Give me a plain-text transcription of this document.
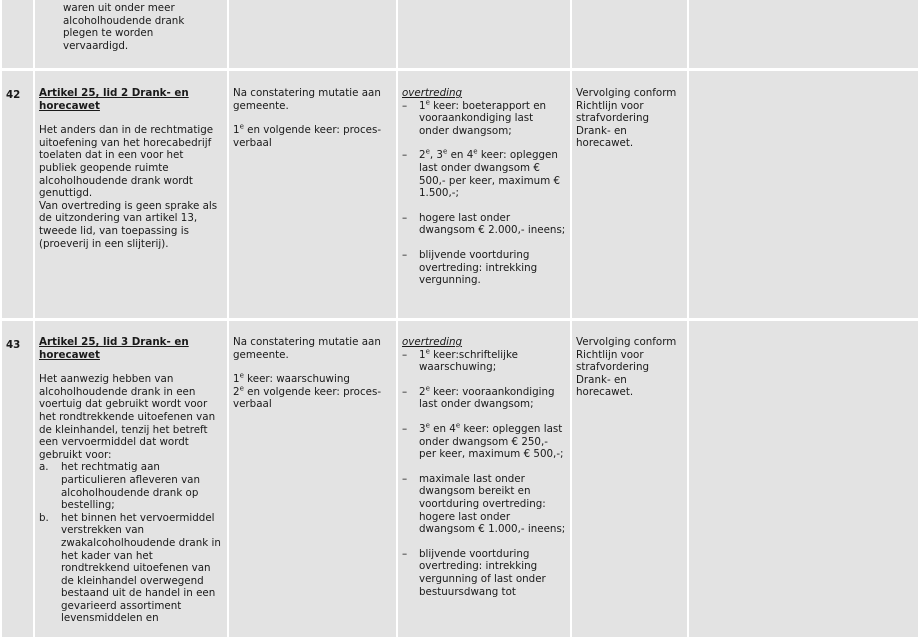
waren uit onder meer
alcoholhoudende drank
plegen te worden
vervaardigd.
42	Artikel 25, lid 2 Drank- en horecawet
Het anders dan in de rechtmatige uitoefening van het horecabedrijf toelaten dat in een voor het publiek geopende ruimte alcoholhoudende drank wordt genuttigd.
Van overtreding is geen sprake als de uitzondering van artikel 13, tweede lid, van toepassing is (proeverij in een slijterij).
Na constatering mutatie aan gemeente.
1e en volgende keer: proces-verbaal
overtreding
– 1e keer: boeterapport en vooraankondiging last onder dwangsom;
– 2e, 3e en 4e keer: opleggen last onder dwangsom € 500,- per keer, maximum € 1.500,-;
– hogere last onder dwangsom € 2.000,- ineens;
– blijvende voortduring overtreding: intrekking vergunning.
Vervolging conform Richtlijn voor strafvordering Drank- en horecawet.
43	Artikel 25, lid 3 Drank- en horecawet
Het aanwezig hebben van alcoholhoudende drank in een voertuig dat gebruikt wordt voor het rondtrekkende uitoefenen van de kleinhandel, tenzij het betreft een vervoermiddel dat wordt gebruikt voor:
a. het rechtmatig aan particulieren afleveren van alcoholhoudende drank op bestelling;
b. het binnen het vervoermiddel verstrekken van zwakalcoholhoudende drank in het kader van het rondtrekkend uitoefenen van de kleinhandel overwegend bestaand uit de handel in een gevarieerd assortiment levensmiddelen en
Na constatering mutatie aan gemeente.
1e keer: waarschuwing
2e en volgende keer: proces-verbaal
overtreding
– 1e keer:schriftelijke waarschuwing;
– 2e keer: vooraankondiging last onder dwangsom;
– 3e en 4e keer: opleggen last onder dwangsom € 250,- per keer, maximum € 500,-;
– maximale last onder dwangsom bereikt en voortduring overtreding: hogere last onder dwangsom € 1.000,- ineens;
– blijvende voortduring overtreding: intrekking vergunning of last onder bestuursdwang tot
Vervolging conform Richtlijn voor strafvordering Drank- en horecawet.
